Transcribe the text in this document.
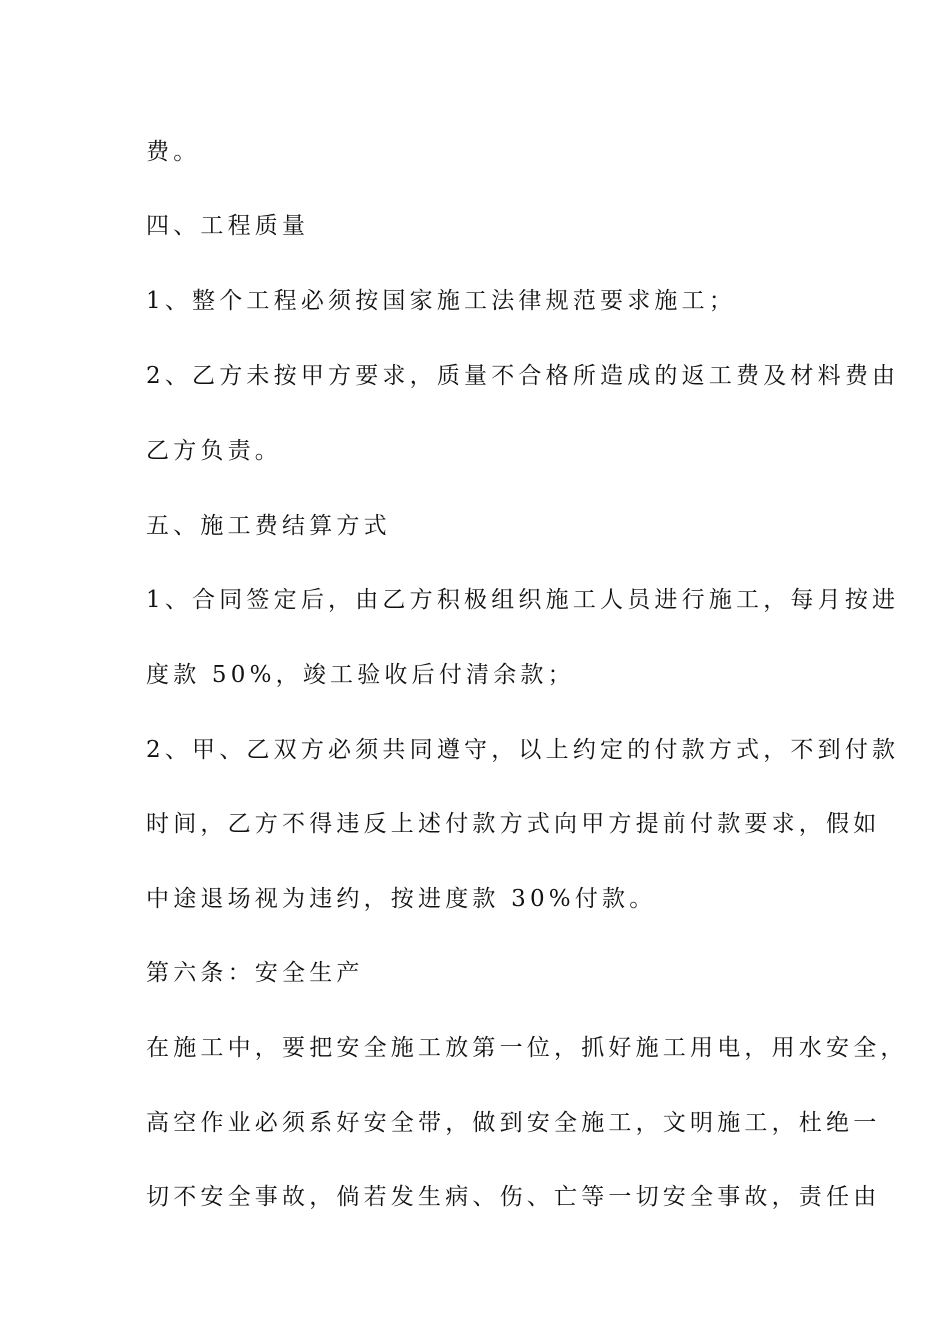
费。
四、工程质量
1、整个工程必须按国家施工法律规范要求施工；
2、乙方未按甲方要求，质量不合格所造成的返工费及材料费由
乙方负责。
五、施工费结算方式
1、合同签定后，由乙方积极组织施工人员进行施工，每月按进
度款 50%，竣工验收后付清余款；
2、甲、乙双方必须共同遵守，以上约定的付款方式，不到付款
时间，乙方不得违反上述付款方式向甲方提前付款要求，假如
中途退场视为违约，按进度款 30%付款。
第六条：安全生产
在施工中，要把安全施工放第一位，抓好施工用电，用水安全，
高空作业必须系好安全带，做到安全施工，文明施工，杜绝一
切不安全事故，倘若发生病、伤、亡等一切安全事故，责任由
